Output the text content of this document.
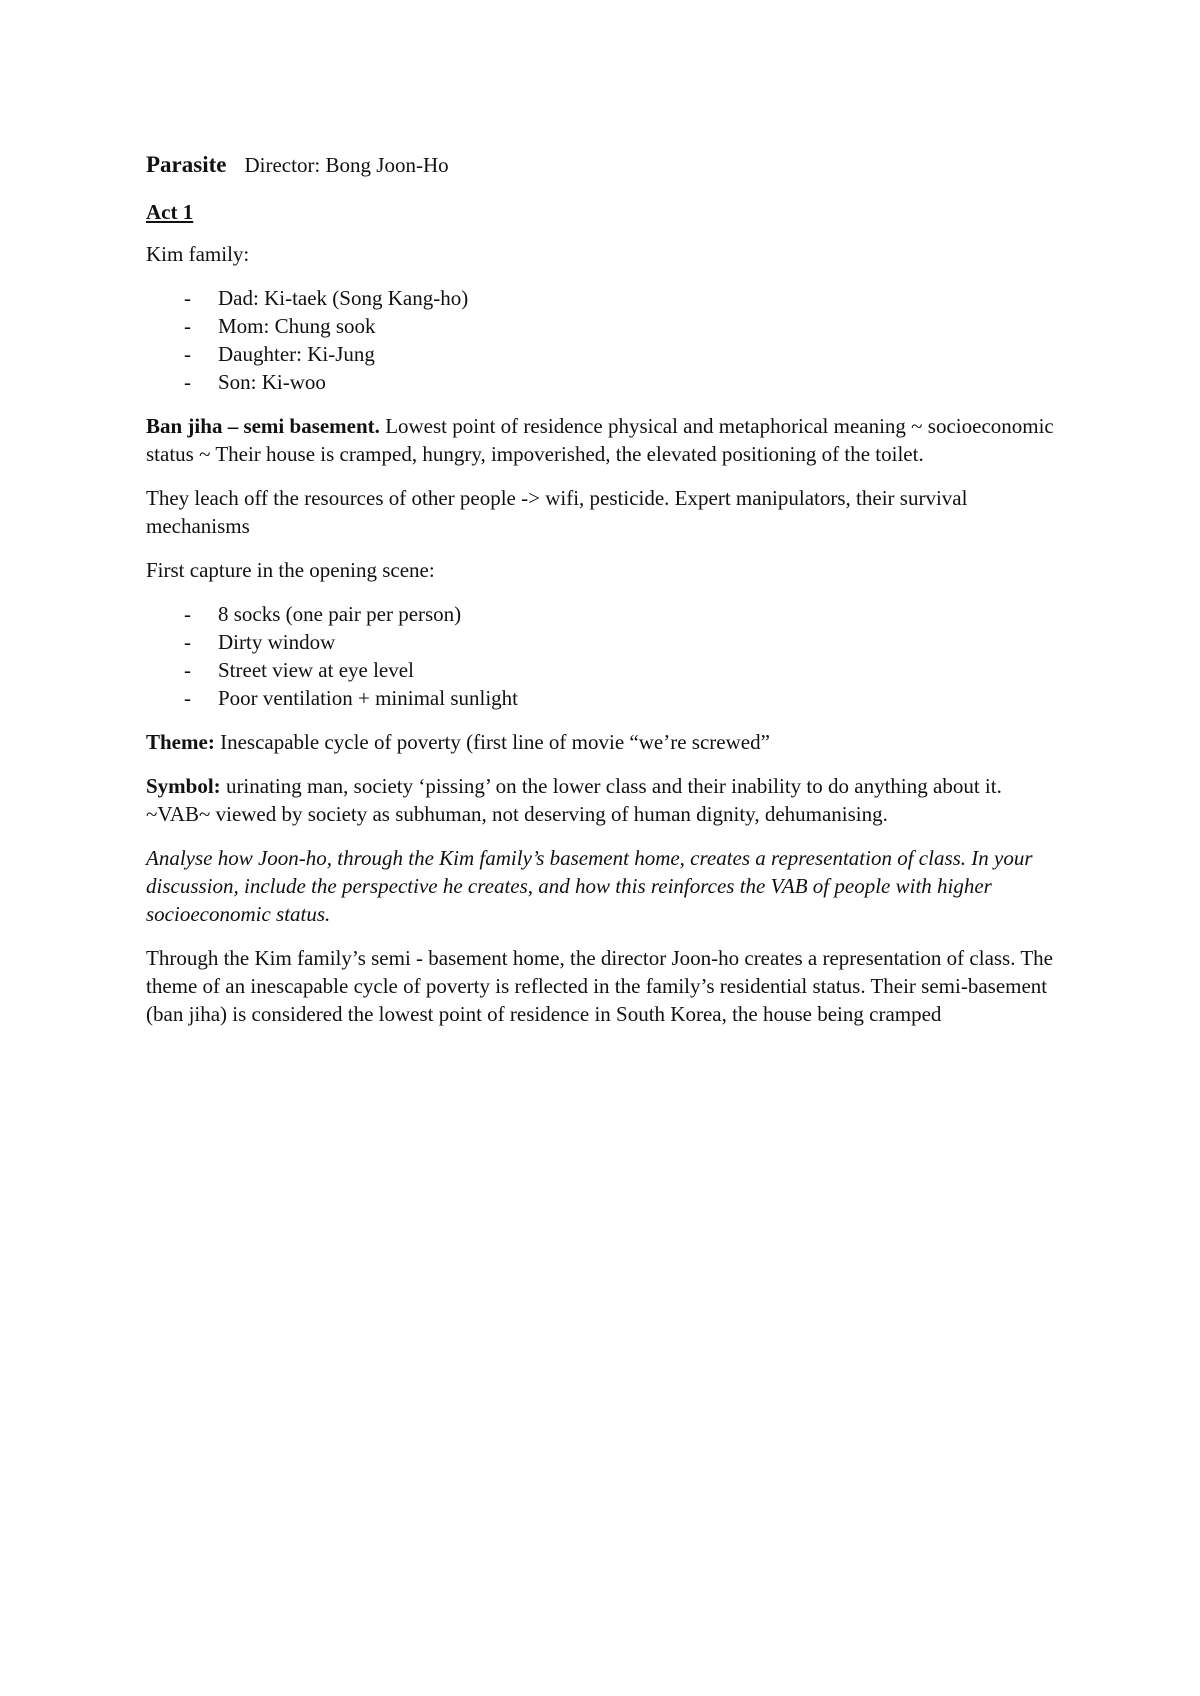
Parasite Director: Bong Joon-Ho
Act 1

Kim family:

- Dad: Ki-taek (Song Kang-ho)
- Mom: Chung sook
- Daughter: Ki-Jung
- Son: Ki-woo

Ban jiha – semi basement. Lowest point of residence physical and metaphorical meaning ~ socioeconomic status ~ Their house is cramped, hungry, impoverished, the elevated positioning of the toilet.

They leach off the resources of other people -> wifi, pesticide. Expert manipulators, their survival mechanisms

First capture in the opening scene:

- 8 socks (one pair per person)
- Dirty window
- Street view at eye level
- Poor ventilation + minimal sunlight

Theme: Inescapable cycle of poverty (first line of movie “we’re screwed”

Symbol: urinating man, society ‘pissing’ on the lower class and their inability to do anything about it. ~VAB~ viewed by society as subhuman, not deserving of human dignity, dehumanising.

Analyse how Joon-ho, through the Kim family’s basement home, creates a representation of class. In your discussion, include the perspective he creates, and how this reinforces the VAB of people with higher socioeconomic status.

Through the Kim family’s semi - basement home, the director Joon-ho creates a representation of class. The theme of an inescapable cycle of poverty is reflected in the family’s residential status. Their semi-basement (ban jiha) is considered the lowest point of residence in South Korea, the house being cramped
